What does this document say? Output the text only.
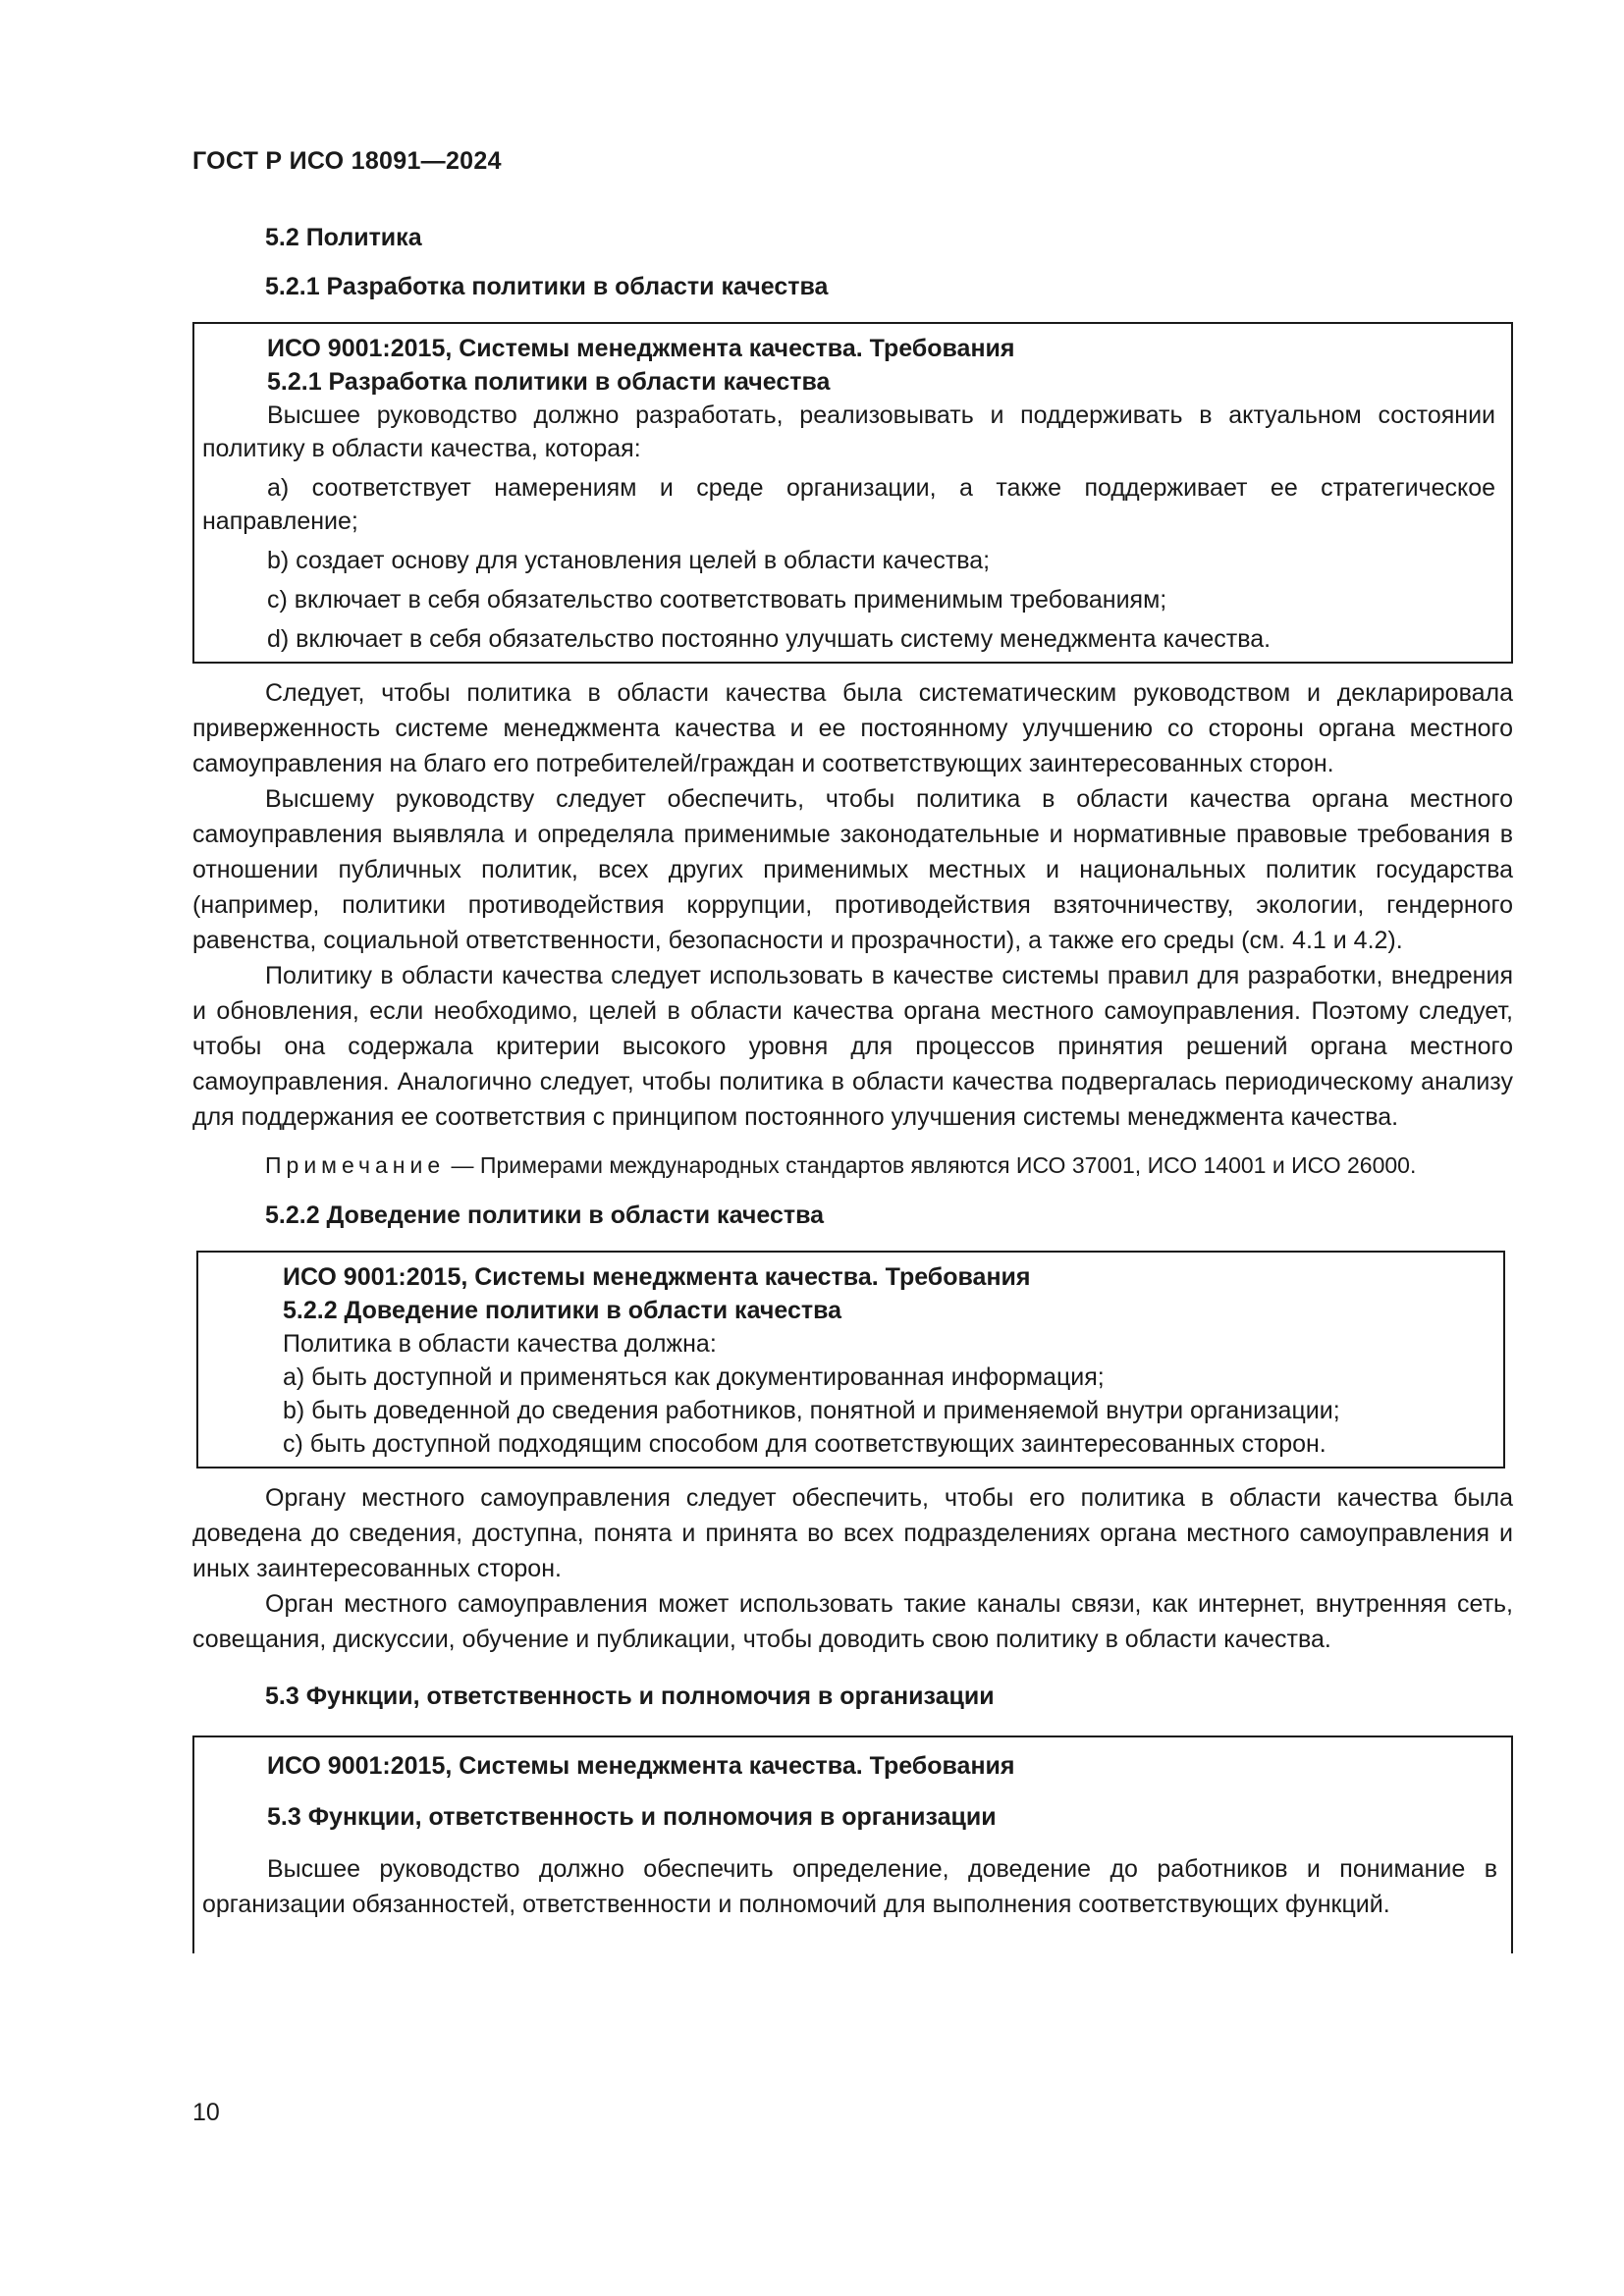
ГОСТ Р ИСО 18091—2024
5.2 Политика
5.2.1 Разработка политики в области качества
ИСО 9001:2015, Системы менеджмента качества. Требования
5.2.1 Разработка политики в области качества

Высшее руководство должно разработать, реализовывать и поддерживать в актуальном состоянии политику в области качества, которая:

a) соответствует намерениям и среде организации, а также поддерживает ее стратегическое направление;

b) создает основу для установления целей в области качества;

c) включает в себя обязательство соответствовать применимым требованиям;

d) включает в себя обязательство постоянно улучшать систему менеджмента качества.

Следует, чтобы политика в области качества была систематическим руководством и декларировала приверженность системе менеджмента качества и ее постоянному улучшению со стороны органа местного самоуправления на благо его потребителей/граждан и соответствующих заинтересованных сторон.

Высшему руководству следует обеспечить, чтобы политика в области качества органа местного самоуправления выявляла и определяла применимые законодательные и нормативные правовые требования в отношении публичных политик, всех других применимых местных и национальных политик государства (например, политики противодействия коррупции, противодействия взяточничеству, экологии, гендерного равенства, социальной ответственности, безопасности и прозрачности), а также его среды (см. 4.1 и 4.2).

Политику в области качества следует использовать в качестве системы правил для разработки, внедрения и обновления, если необходимо, целей в области качества органа местного самоуправления. Поэтому следует, чтобы она содержала критерии высокого уровня для процессов принятия решений органа местного самоуправления. Аналогично следует, чтобы политика в области качества подвергалась периодическому анализу для поддержания ее соответствия с принципом постоянного улучшения системы менеджмента качества.

Примечание — Примерами международных стандартов являются ИСО 37001, ИСО 14001 и ИСО 26000.

5.2.2 Доведение политики в области качества
ИСО 9001:2015, Системы менеджмента качества. Требования
5.2.2 Доведение политики в области качества
Политика в области качества должна:
a) быть доступной и применяться как документированная информация;
b) быть доведенной до сведения работников, понятной и применяемой внутри организации;
c) быть доступной подходящим способом для соответствующих заинтересованных сторон.

Органу местного самоуправления следует обеспечить, чтобы его политика в области качества была доведена до сведения, доступна, понята и принята во всех подразделениях органа местного самоуправления и иных заинтересованных сторон.

Орган местного самоуправления может использовать такие каналы связи, как интернет, внутренняя сеть, совещания, дискуссии, обучение и публикации, чтобы доводить свою политику в области качества.

5.3 Функции, ответственность и полномочия в организации
ИСО 9001:2015, Системы менеджмента качества. Требования
5.3 Функции, ответственность и полномочия в организации

Высшее руководство должно обеспечить определение, доведение до работников и понимание в организации обязанностей, ответственности и полномочий для выполнения соответствующих функций.

10
